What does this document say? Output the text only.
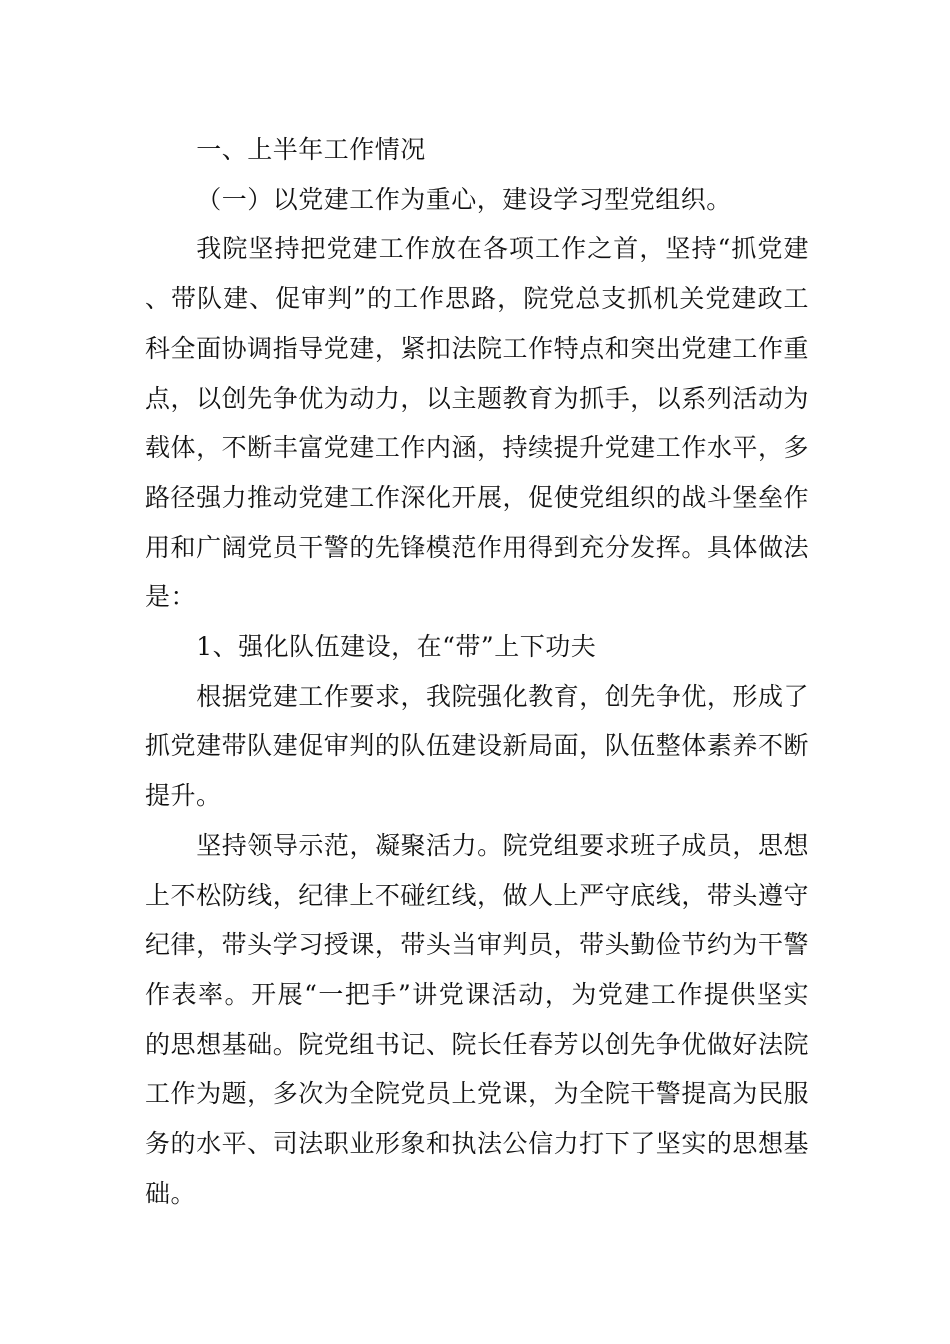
一、上半年工作情况

（一）以党建工作为重心，建设学习型党组织。

我院坚持把党建工作放在各项工作之首，坚持“抓党建、带队建、促审判”的工作思路，院党总支抓机关党建政工科全面协调指导党建，紧扣法院工作特点和突出党建工作重点，以创先争优为动力，以主题教育为抓手，以系列活动为载体，不断丰富党建工作内涵，持续提升党建工作水平，多路径强力推动党建工作深化开展，促使党组织的战斗堡垒作用和广阔党员干警的先锋模范作用得到充分发挥。具体做法是：

1、强化队伍建设，在“带”上下功夫

根据党建工作要求，我院强化教育，创先争优，形成了抓党建带队建促审判的队伍建设新局面，队伍整体素养不断提升。

坚持领导示范，凝聚活力。院党组要求班子成员，思想上不松防线，纪律上不碰红线，做人上严守底线，带头遵守纪律，带头学习授课，带头当审判员，带头勤俭节约为干警作表率。开展“一把手”讲党课活动，为党建工作提供坚实的思想基础。院党组书记、院长任春芳以创先争优做好法院工作为题，多次为全院党员上党课，为全院干警提高为民服务的水平、司法职业形象和执法公信力打下了坚实的思想基础。
